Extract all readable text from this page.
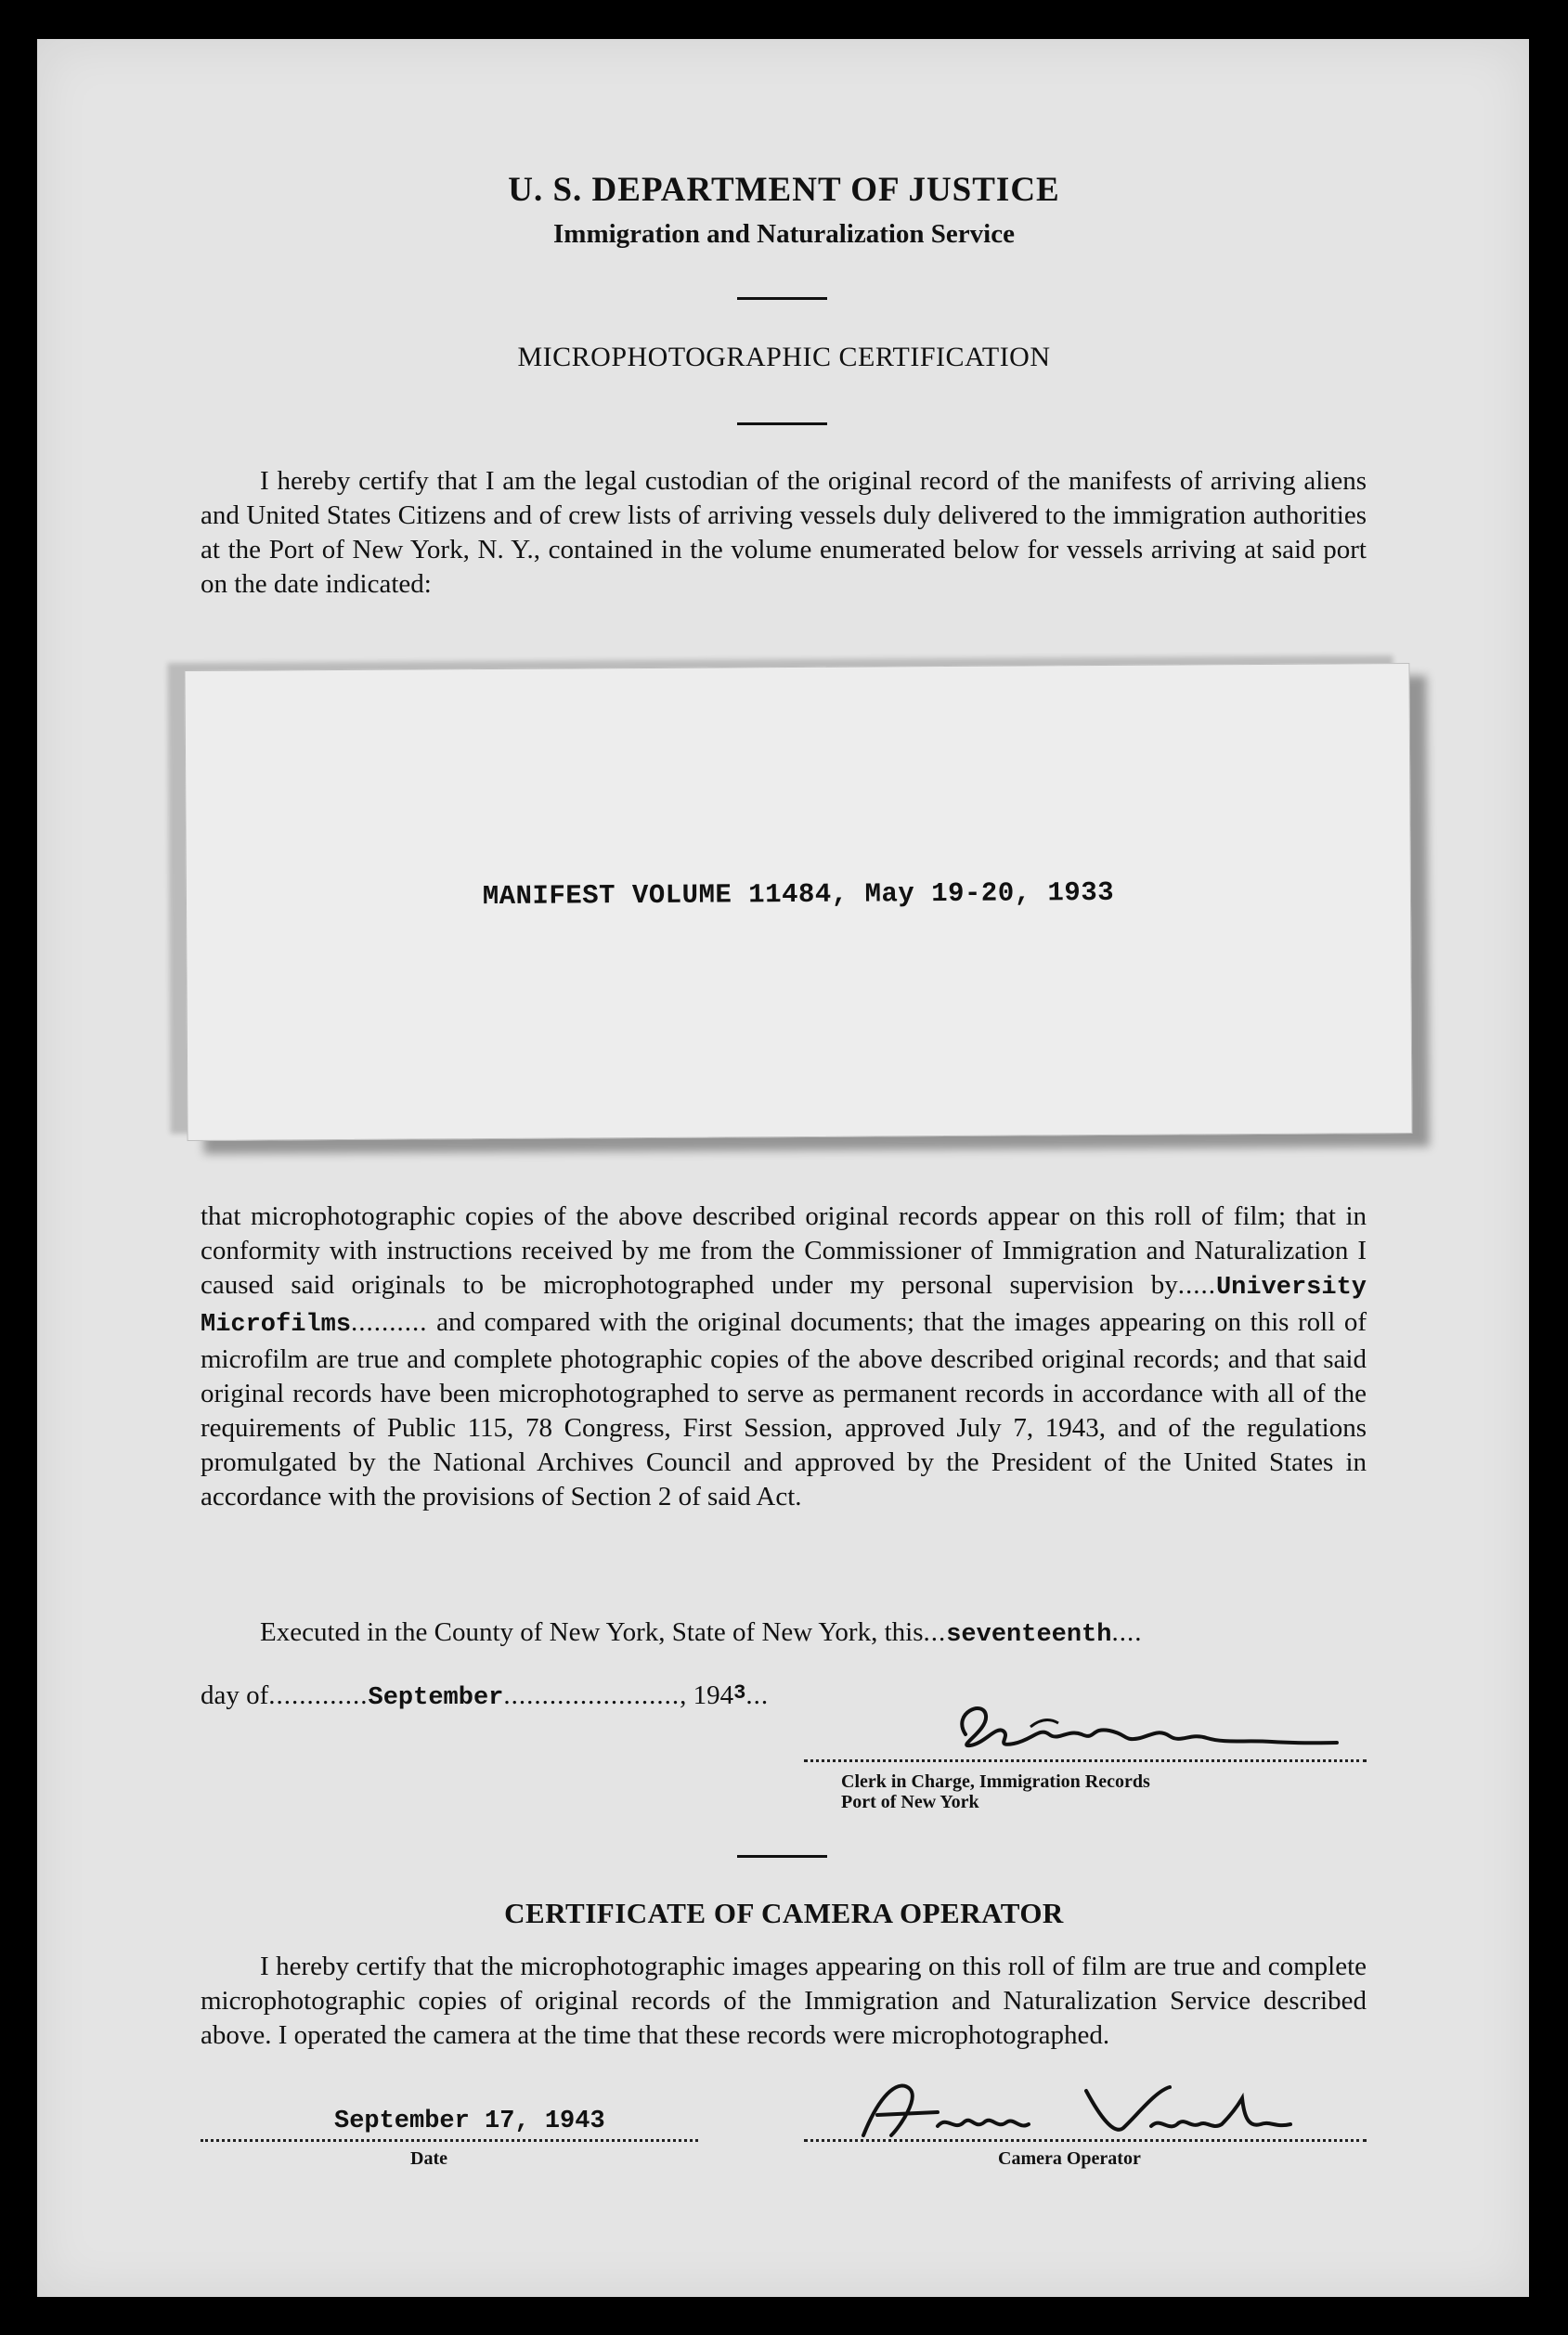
U. S. DEPARTMENT OF JUSTICE
Immigration and Naturalization Service
MICROPHOTOGRAPHIC CERTIFICATION
I hereby certify that I am the legal custodian of the original record of the manifests of arriving aliens and United States Citizens and of crew lists of arriving vessels duly delivered to the immigration authorities at the Port of New York, N. Y., contained in the volume enumerated below for vessels arriving at said port on the date indicated:
MANIFEST VOLUME 11484, May 19-20, 1933
that microphotographic copies of the above described original records appear on this roll of film; that in conformity with instructions received by me from the Commissioner of Immigration and Naturalization I caused said originals to be microphotographed under my personal supervision by.....University Microfilms.......... and compared with the original documents; that the images appearing on this roll of microfilm are true and complete photographic copies of the above described original records; and that said original records have been microphotographed to serve as permanent records in accordance with all of the requirements of Public 115, 78 Congress, First Session, approved July 7, 1943, and of the regulations promulgated by the National Archives Council and approved by the President of the United States in accordance with the provisions of Section 2 of said Act.
Executed in the County of New York, State of New York, this...seventeenth....
day of.............September......................., $194^3$...
Clerk in Charge, Immigration Records
Port of New York
CERTIFICATE OF CAMERA OPERATOR
I hereby certify that the microphotographic images appearing on this roll of film are true and complete microphotographic copies of original records of the Immigration and Naturalization Service described above. I operated the camera at the time that these records were microphotographed.
September 17, 1943
Date	Camera Operator
